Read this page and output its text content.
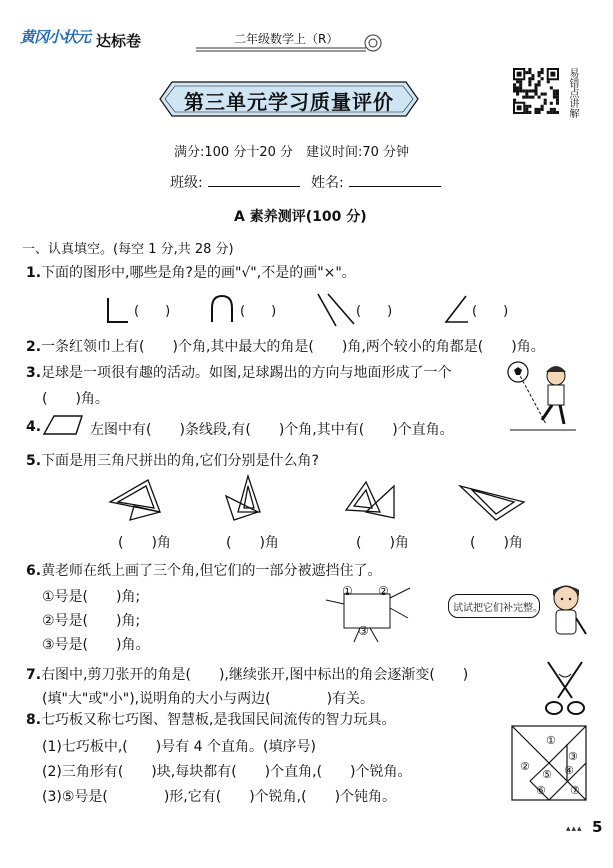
黄冈小状元 达标卷	二年级数学上（R）
第三单元学习质量评价	易错点讲解
满分:100 分十20 分　建议时间:70 分钟
班级:	姓名:
A 素养测评(100 分)
一、认真填空。(每空 1 分,共 28 分)
1.下面的图形中,哪些是角?是的画"√",不是的画"×"。
(　　)	(　　)	(　　)	(　　)
2.一条红领巾上有(　　)个角,其中最大的角是(　　)角,两个较小的角都是(　　)角。
3.足球是一项很有趣的活动。如图,足球踢出的方向与地面形成了一个
(　　)角。
4.	左图中有(　　)条线段,有(　　)个角,其中有(　　)个直角。
5.下面是用三角尺拼出的角,它们分别是什么角?
(　　)角
(　　)角	(　　)角	(　　)角
6.黄老师在纸上画了三个角,但它们的一部分被遮挡住了。
①号是(　　)角;
②号是(　　)角;
③号是(　　)角。
① ②
③
试试把它们补完整。
7.右图中,剪刀张开的角是(　　),继续张开,图中标出的角会逐渐变(　　)
(填"大"或"小"),说明角的大小与两边(　　　　)有关。
8.七巧板又称七巧图、智慧板,是我国民间流传的智力玩具。
(1)七巧板中,(　　)号有 4 个直角。(填序号)
(2)三角形有(　　)块,每块都有(　　)个直角,(　　)个锐角。
(3)⑤号是(　　　　)形,它有(　　)个锐角,(　　)个钝角。
①
②
③
④
⑤
⑥ ⑦
▴▴▴ 5
